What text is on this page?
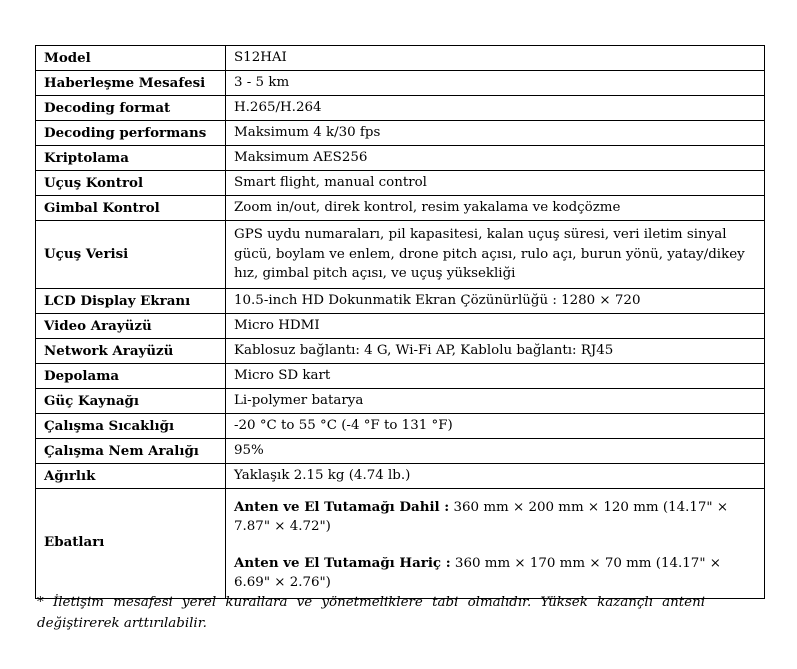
Model	S12HAI
Haberleşme Mesafesi	3 - 5 km
Decoding format	H.265/H.264
Decoding performans	Maksimum 4 k/30 fps
Kriptolama	Maksimum AES256
Uçuş Kontrol	Smart flight, manual control
Gimbal Kontrol	Zoom in/out, direk kontrol, resim yakalama ve kodçözme
Uçuş Verisi	GPS uydu numaraları, pil kapasitesi, kalan uçuş süresi, veri iletim sinyal gücü, boylam ve enlem, drone pitch açısı, rulo açı, burun yönü, yatay/dikey hız, gimbal pitch açısı, ve uçuş yüksekliği
LCD Display Ekranı	10.5-inch HD Dokunmatik Ekran Çözünürlüğü : 1280 × 720
Video Arayüzü	Micro HDMI
Network Arayüzü	Kablosuz bağlantı: 4 G, Wi-Fi AP, Kablolu bağlantı: RJ45
Depolama	Micro SD kart
Güç Kaynağı	Li-polymer batarya
Çalışma Sıcaklığı	-20 °C to 55 °C (-4 °F to 131 °F)
Çalışma Nem Aralığı	95%
Ağırlık	Yaklaşık 2.15 kg (4.74 lb.)
Ebatları	Anten ve El Tutamağı Dahil : 360 mm × 200 mm × 120 mm (14.17" × 7.87" × 4.72")
Anten ve El Tutamağı Hariç : 360 mm × 170 mm × 70 mm (14.17" × 6.69" × 2.76")
* İletişim mesafesi yerel kurallara ve yönetmeliklere tabi olmalıdır. Yüksek kazançlı anteni değiştirerek arttırılabilir.
